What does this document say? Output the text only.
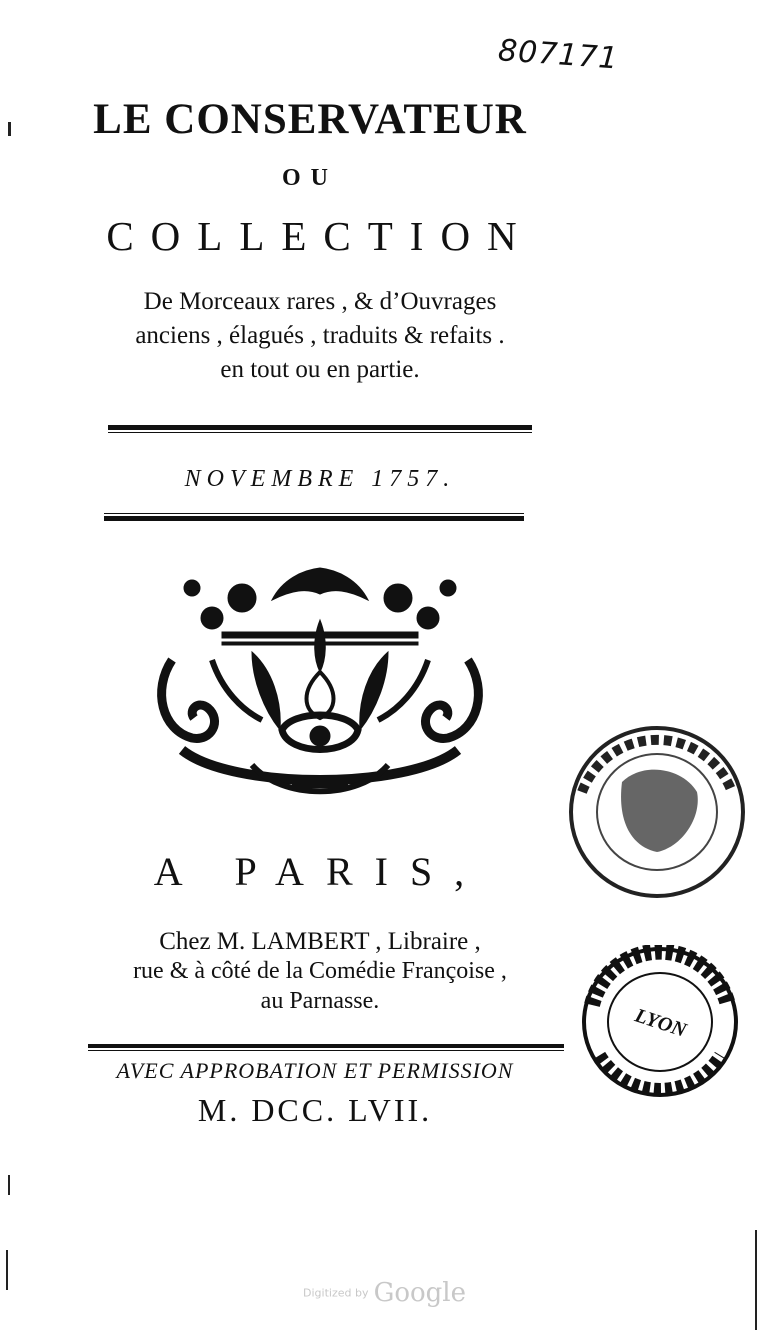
807171
LE CONSERVATEUR
OU
COLLECTION
De Morceaux rares , & d’Ouvrages
anciens , élagués , traduits & refaits .
en tout ou en partie.
NOVEMBRE 1757.
A PARIS,
Chez M. LAMBERT , Libraire ,
rue & à côté de la Comédie Françoise ,
au Parnasse.
AVEC APPROBATION ET PERMISSION
M. DCC. LVII.
LYON
Digitized by Google
